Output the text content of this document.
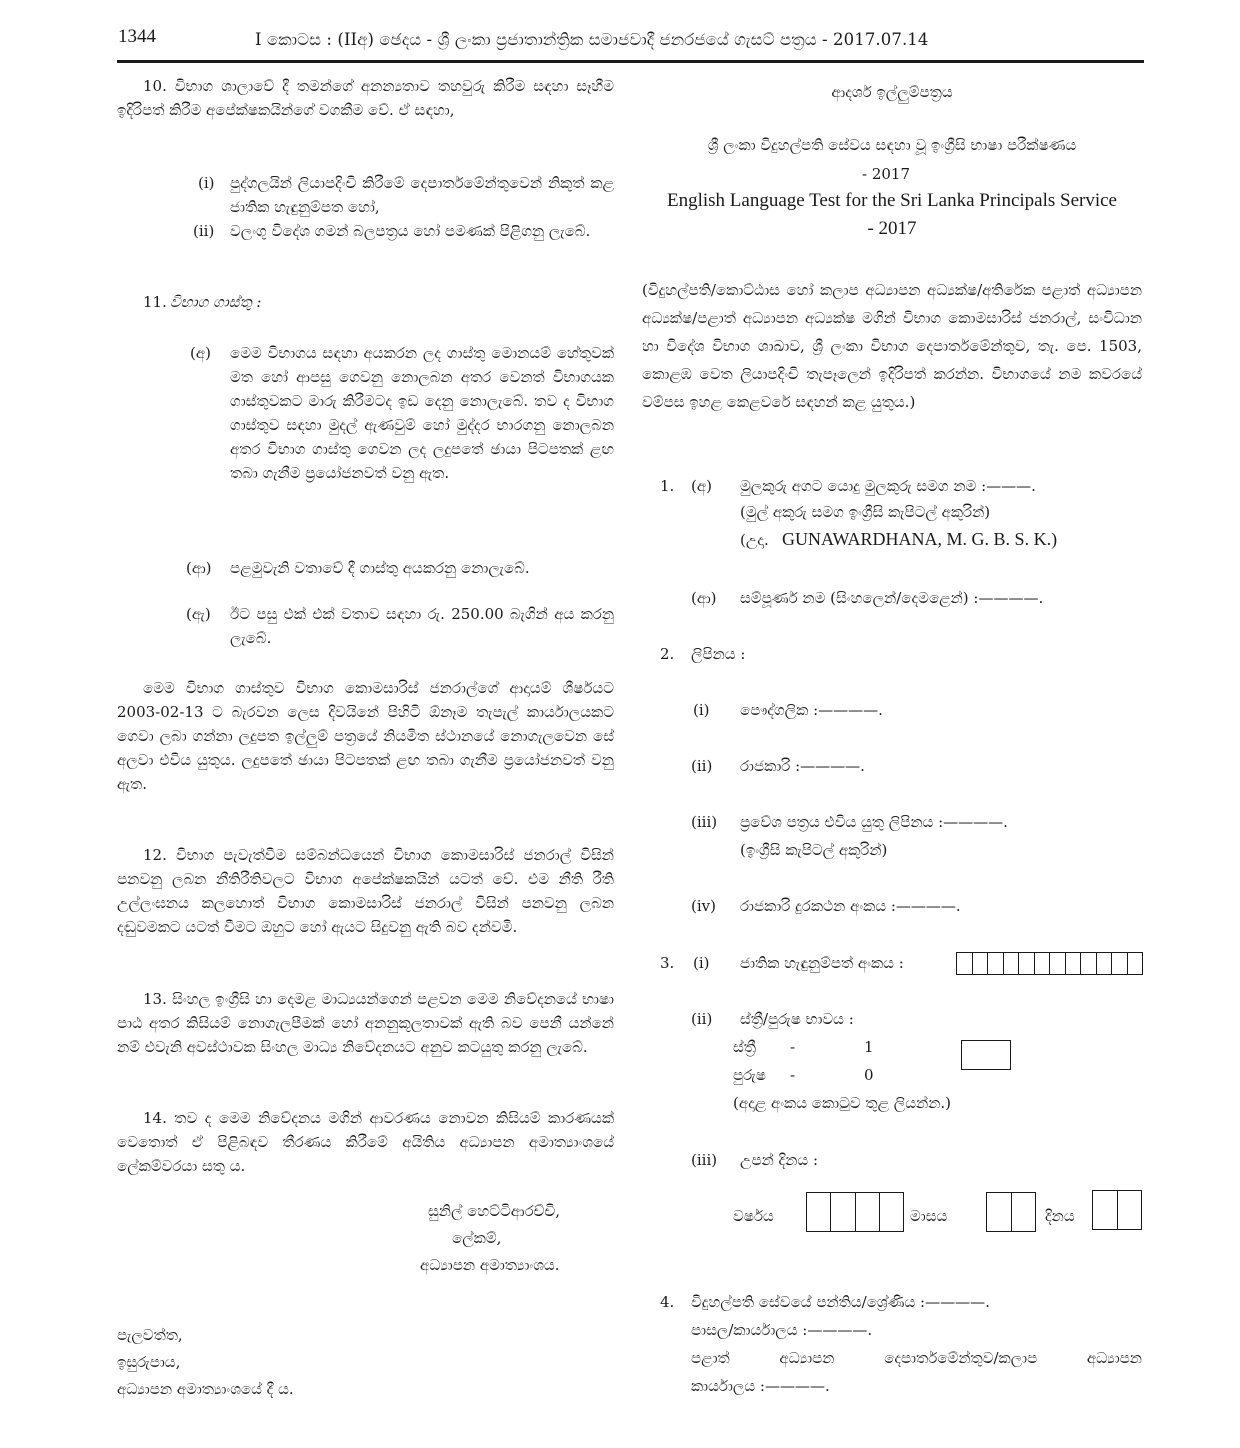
1344	I කොටස : (IIඅ) ඡෙදය - ශ්‍රී ලංකා ප්‍රජාතාන්ත්‍රික සමාජවාදී ජනරජයේ ගැසට් පත්‍රය - 2017.07.14

10. විභාග ශාලාවේ දී තමන්ගේ අනන්‍යතාව තහවුරු කිරීම සඳහා සෑහීම ඉදිරිපත් කිරීම අපේක්ෂකයින්ගේ වගකීම වේ. ඒ සඳහා,

(i) පුද්ගලයින් ලියාපදිංචි කිරීමේ දෙපාර්තමේන්තුවෙන් නිකුත් කළ ජාතික හැඳුනුම්පත හෝ,

(ii) වලංගු විදේශ ගමන් බලපත්‍රය හෝ පමණක් පිළිගනු ලැබේ.

11. විභාග ගාස්තු :
(අ) මෙම විභාගය සඳහා අයකරන ලද ගාස්තු මොනයම් හේතුවක් මත හෝ ආපසු ගෙවනු නොලබන අතර වෙනත් විභාගයක ගාස්තුවකට මාරු කිරීමටද ඉඩ දෙනු නොලැබේ. තව ද විභාග ගාස්තුව සඳහා මුදල් ඇණවුම් හෝ මුද්දර භාරගනු නොලබන අතර විභාග ගාස්තු ගෙවන ලද ලදුපතේ ඡායා පිටපතක් ළඟ තබා ගැනීම ප්‍රයෝජනවත් වනු ඇත.

(ආ) පළමුවැනි වතාවේ දී ගාස්තු අයකරනු නොලැබේ.

(ඇ) ඊට පසු එක් එක් වතාව සඳහා රු. 250.00 බැගින් අය කරනු ලැබේ.

මෙම විභාග ගාස්තුව විභාග කොමසාරිස් ජනරාල්ගේ ආදායම් ශීර්ෂයට 2003-02-13 ට බැරවන ලෙස දිවයිනේ පිහිටි ඕනෑම තැපැල් කාර්යාලයකට ගෙවා ලබා ගන්නා ලදුපත ඉල්ලුම් පත්‍රයේ නියමිත ස්ථානයේ නොගැලවෙන සේ අලවා එවිය යුතුය. ලදුපතේ ඡායා පිටපතක් ළඟ තබා ගැනීම ප්‍රයෝජනවත් වනු ඇත.

12. විභාග පැවැත්වීම සම්බන්ධයෙන් විභාග කොමසාරිස් ජනරාල් විසින් පනවනු ලබන නීතිරීතිවලට විභාග අපේක්ෂකයින් යටත් වේ. එම නීති රීති උල්ලංඝනය කලහොත් විභාග කොමසාරිස් ජනරාල් විසින් පනවනු ලබන දඬුවමකට යටත් වීමට ඔහුට හෝ ඇයට සිදුවනු ඇති බව දන්වමි.

13. සිංහල ඉංග්‍රීසි හා දෙමළ මාධ්‍යයන්ගෙන් පළවන මෙම නිවේදනයේ භාෂා පාඨ අතර කිසියම් නොගැලපීමක් හෝ අනනුකූලතාවක් ඇති බව පෙනී යන්නේ නම් එවැනි අවස්ථාවක සිංහල මාධ්‍ය නිවේදනයට අනුව කටයුතු කරනු ලැබේ.

14. තව ද මෙම නිවේදනය මගින් ආවරණය නොවන කිසියම් කාරණයක් වෙතොත් ඒ පිළිබඳව තීරණය කිරීමේ අයිතිය අධ්‍යාපන අමාත්‍යාංශයේ ලේකම්වරයා සතු ය.

සුනිල් හෙට්ටිආරච්චි,
ලේකම්,
අධ්‍යාපන අමාත්‍යාංශය.
පැලවත්ත,
ඉසුරුපාය,
අධ්‍යාපන අමාත්‍යාංශයේ දී ය.
ආදර්ශ ඉල්ලුම්පත්‍රය
ශ්‍රී ලංකා විදුහල්පති සේවය සඳහා වූ ඉංග්‍රීසි භාෂා පරීක්ෂණය
- 2017
English Language Test for the Sri Lanka Principals Service
- 2017

(විදුහල්පති/කොට්ඨාස හෝ කලාප අධ්‍යාපන අධ්‍යක්ෂ/අතිරේක පළාත් අධ්‍යාපන අධ්‍යක්ෂ/පළාත් අධ්‍යාපන අධ්‍යක්ෂ මගින් විභාග කොමසාරිස් ජනරාල්, සංවිධාන හා විදේශ විභාග ශාඛාව, ශ්‍රී ලංකා විභාග දෙපාර්තමේන්තුව, තැ. පෙ. 1503, කොළඹ වෙත ලියාපදිංචි තැපෑලෙන් ඉදිරිපත් කරන්න. විභාගයේ නම කවරයේ වම්පස ඉහළ කෙළවරේ සඳහන් කළ යුතුය.)

1. (අ) මුලකුරු අගට යොදු මුලකුරු සමග නම :———.
(මුල් අකුරු සමග ඉංග්‍රීසි කැපිටල් අකුරින්)
(උදා. GUNAWARDHANA, M. G. B. S. K.)
(ආ) සම්පූර්ණ නම (සිංහලෙන්/දෙමළෙන්) :————.
2. ලිපිනය :
(i) පෞද්ගලික :————.
(ii) රාජකාරි :————.
(iii) ප්‍රවේශ පත්‍රය එවිය යුතු ලිපිනය :————.
(ඉංග්‍රීසි කැපිටල් අකුරින්)
(iv) රාජකාරි දුරකථන අංකය :————.
3. (i) ජාතික හැඳුනුම්පත් අංකය :
(ii) ස්ත්‍රී/පුරුෂ භාවය :
ස්ත්‍රී -	1
පුරුෂ -	0
(අදාළ අංකය කොටුව තුළ ලියන්න.)
(iii) උපන් දිනය :
වර්ෂය	මාසය	දිනය
4. විදුහල්පති සේවයේ පන්තිය/ශ්‍රේණිය :————.
පාසල/කාර්යාලය :————.
පළාත් අධ්‍යාපන දෙපාර්තමේන්තුව/කලාප අධ්‍යාපන
කාර්යාලය :————.
